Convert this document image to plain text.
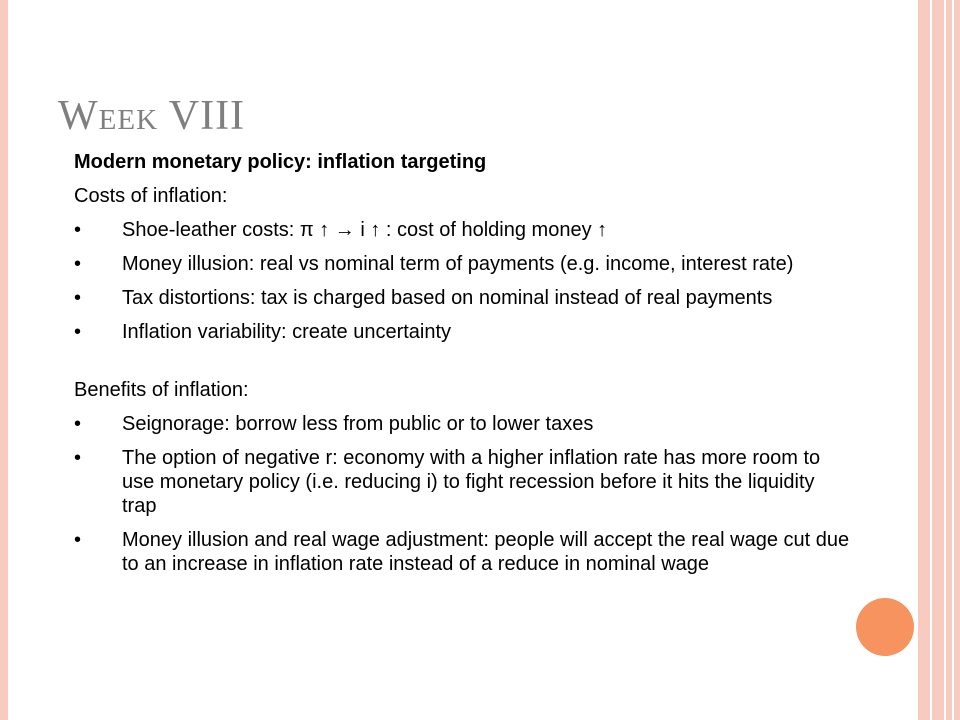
Week VIII
Modern monetary policy: inflation targeting
Costs of inflation:
•	Shoe-leather costs: π ↑ → i ↑ : cost of holding money ↑
•	Money illusion: real vs nominal term of payments (e.g. income, interest rate)
•	Tax distortions: tax is charged based on nominal instead of real payments
•	Inflation variability: create uncertainty
Benefits of inflation:
•	Seignorage: borrow less from public or to lower taxes
•	The option of negative r: economy with a higher inflation rate has more room to use monetary policy (i.e. reducing i) to fight recession before it hits the liquidity trap
•	Money illusion and real wage adjustment: people will accept the real wage cut due to an increase in inflation rate instead of a reduce in nominal wage
